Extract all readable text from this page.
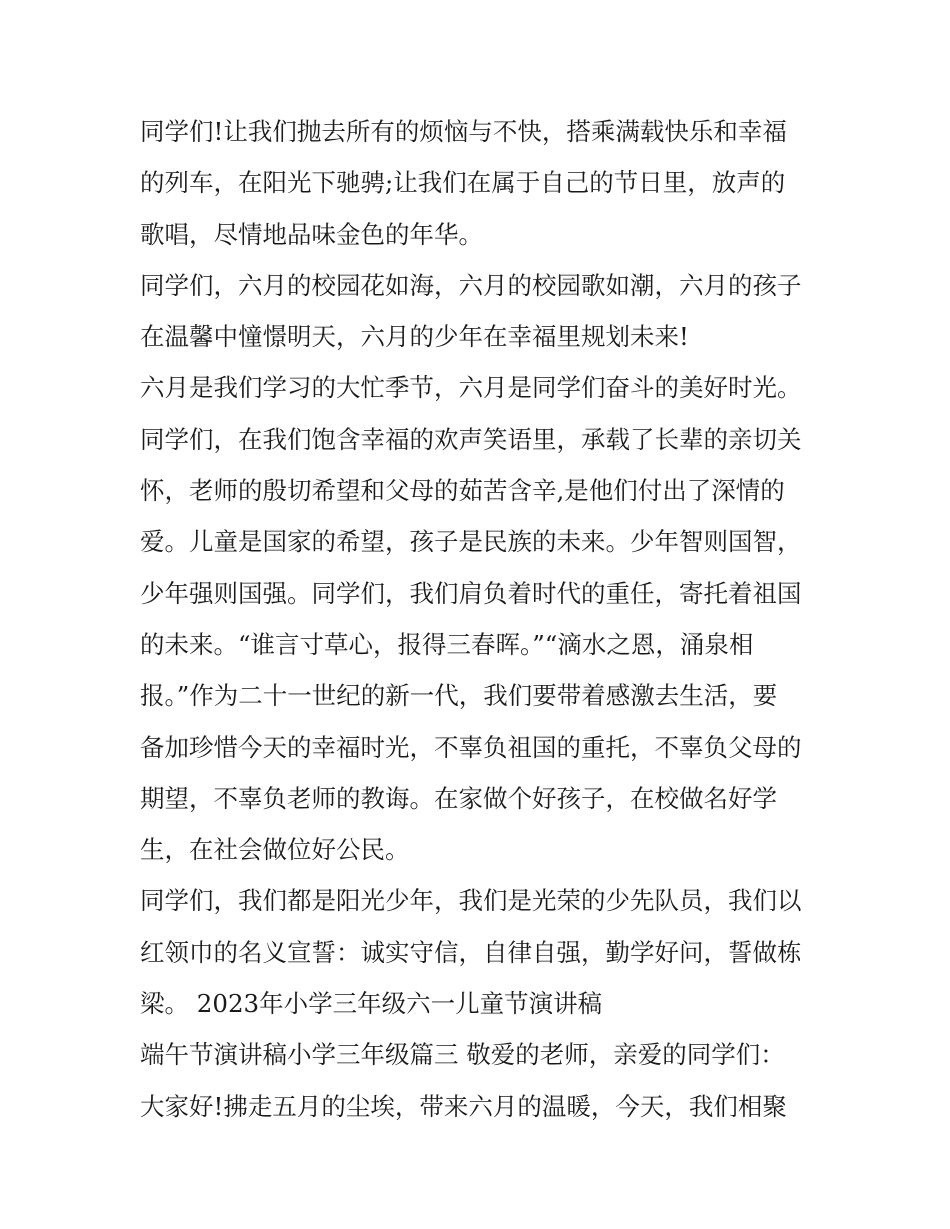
同学们!让我们抛去所有的烦恼与不快，搭乘满载快乐和幸福
的列车，在阳光下驰骋;让我们在属于自己的节日里，放声的
歌唱，尽情地品味金色的年华。
同学们，六月的校园花如海，六月的校园歌如潮，六月的孩子
在温馨中憧憬明天，六月的少年在幸福里规划未来!
六月是我们学习的大忙季节，六月是同学们奋斗的美好时光。
同学们，在我们饱含幸福的欢声笑语里，承载了长辈的亲切关
怀，老师的殷切希望和父母的茹苦含辛,是他们付出了深情的
爱。儿童是国家的希望，孩子是民族的未来。少年智则国智，
少年强则国强。同学们，我们肩负着时代的重任，寄托着祖国
的未来。“谁言寸草心，报得三春晖。”“滴水之恩，涌泉相
报。”作为二十一世纪的新一代，我们要带着感激去生活，要
备加珍惜今天的幸福时光，不辜负祖国的重托，不辜负父母的
期望，不辜负老师的教诲。在家做个好孩子，在校做名好学
生，在社会做位好公民。
同学们，我们都是阳光少年，我们是光荣的少先队员，我们以
红领巾的名义宣誓：诚实守信，自律自强，勤学好问，誓做栋
梁。 2023年小学三年级六一儿童节演讲稿
端午节演讲稿小学三年级篇三 敬爱的老师，亲爱的同学们：
大家好!拂走五月的尘埃，带来六月的温暖，今天，我们相聚
